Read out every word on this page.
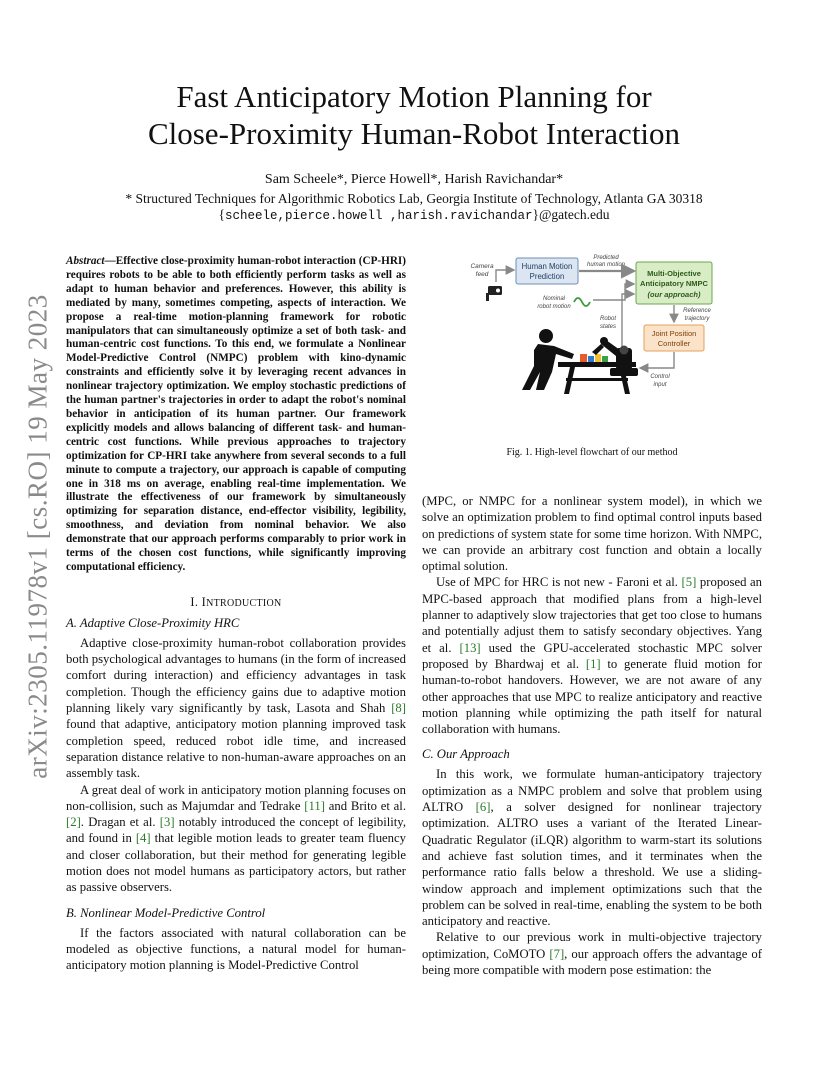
arXiv:2305.11978v1 [cs.RO] 19 May 2023
Fast Anticipatory Motion Planning for
Close-Proximity Human-Robot Interaction
Sam Scheele*, Pierce Howell*, Harish Ravichandar*
* Structured Techniques for Algorithmic Robotics Lab, Georgia Institute of Technology, Atlanta GA 30318
{scheele,pierce.howell ,harish.ravichandar}@gatech.edu

Abstract—Effective close-proximity human-robot interaction (CP-HRI) requires robots to be able to both efficiently perform tasks as well as adapt to human behavior and preferences. However, this ability is mediated by many, sometimes competing, aspects of interaction. We propose a real-time motion-planning framework for robotic manipulators that can simultaneously optimize a set of both task- and human-centric cost functions. To this end, we formulate a Nonlinear Model-Predictive Control (NMPC) problem with kino-dynamic constraints and efficiently solve it by leveraging recent advances in nonlinear trajectory optimization. We employ stochastic predictions of the human partner's trajectories in order to adapt the robot's nominal behavior in anticipation of its human partner. Our framework explicitly models and allows balancing of different task- and human-centric cost functions. While previous approaches to trajectory optimization for CP-HRI take anywhere from several seconds to a full minute to compute a trajectory, our approach is capable of computing one in 318 ms on average, enabling real-time implementation. We illustrate the effectiveness of our framework by simultaneously optimizing for separation distance, end-effector visibility, legibility, smoothness, and deviation from nominal behavior. We also demonstrate that our approach performs comparably to prior work in terms of the chosen cost functions, while significantly improving computational efficiency.

I. INTRODUCTION
A. Adaptive Close-Proximity HRC

Adaptive close-proximity human-robot collaboration provides both psychological advantages to humans (in the form of increased comfort during interaction) and efficiency advantages in task completion. Though the efficiency gains due to adaptive motion planning likely vary significantly by task, Lasota and Shah [8] found that adaptive, anticipatory motion planning improved task completion speed, reduced robot idle time, and increased separation distance relative to non-human-aware approaches on an assembly task.

A great deal of work in anticipatory motion planning focuses on non-collision, such as Majumdar and Tedrake [11] and Brito et al. [2]. Dragan et al. [3] notably introduced the concept of legibility, and found in [4] that legible motion leads to greater team fluency and closer collaboration, but their method for generating legible motion does not model humans as participatory actors, but rather as passive observers.

B. Nonlinear Model-Predictive Control

If the factors associated with natural collaboration can be modeled as objective functions, a natural model for human-anticipatory motion planning is Model-Predictive Control

Camera
feed
Human Motion
Prediction
Predicted
human motion
Multi-Objective
Anticipatory NMPC
(our approach)
Nominal
robot motion
Robot
states
Reference
trajectory
Joint Position
Controller
Control
input
Fig. 1. High-level flowchart of our method

(MPC, or NMPC for a nonlinear system model), in which we solve an optimization problem to find optimal control inputs based on predictions of system state for some time horizon. With NMPC, we can provide an arbitrary cost function and obtain a locally optimal solution.

Use of MPC for HRC is not new - Faroni et al. [5] proposed an MPC-based approach that modified plans from a high-level planner to adaptively slow trajectories that get too close to humans and potentially adjust them to satisfy secondary objectives. Yang et al. [13] used the GPU-accelerated stochastic MPC solver proposed by Bhardwaj et al. [1] to generate fluid motion for human-to-robot handovers. However, we are not aware of any other approaches that use MPC to realize anticipatory and reactive motion planning while optimizing the path itself for natural collaboration with humans.

C. Our Approach

In this work, we formulate human-anticipatory trajectory optimization as a NMPC problem and solve that problem using ALTRO [6], a solver designed for nonlinear trajectory optimization. ALTRO uses a variant of the Iterated Linear-Quadratic Regulator (iLQR) algorithm to warm-start its solutions and achieve fast solution times, and it terminates when the performance ratio falls below a threshold. We use a sliding-window approach and implement optimizations such that the problem can be solved in real-time, enabling the system to be both anticipatory and reactive.

Relative to our previous work in multi-objective trajectory optimization, CoMOTO [7], our approach offers the advantage of being more compatible with modern pose estimation: the
